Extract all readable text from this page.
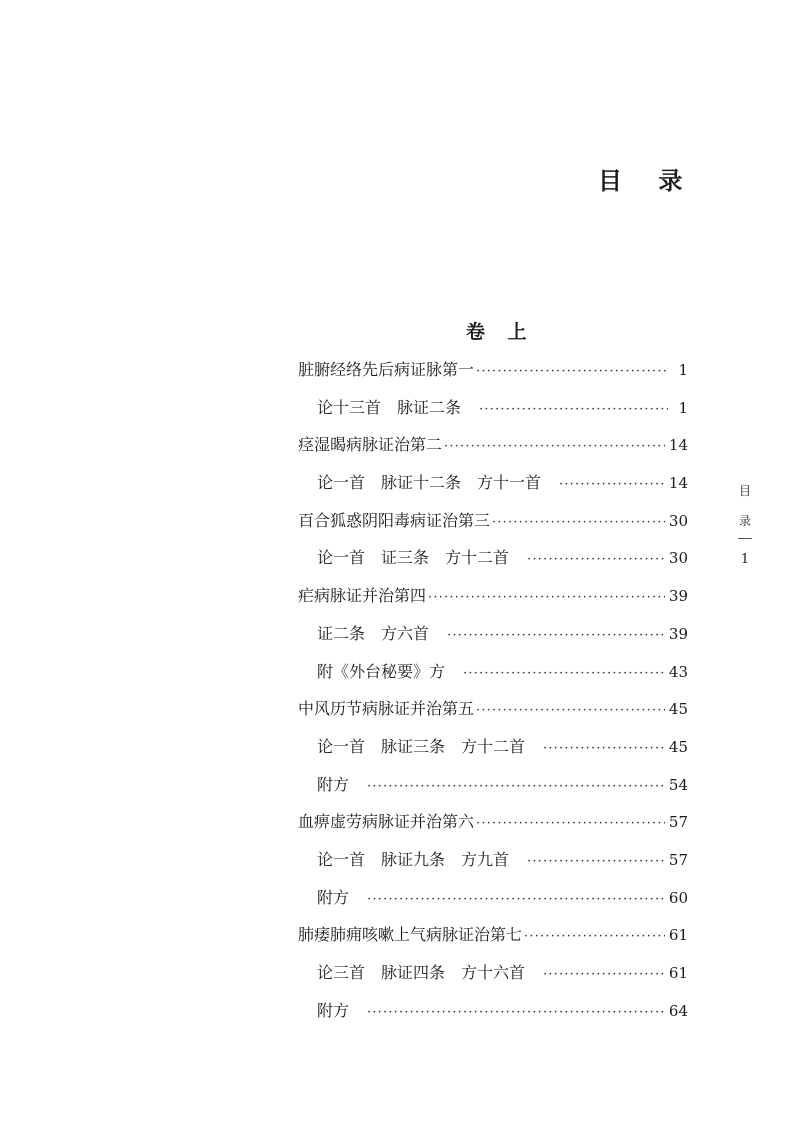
目 录
卷 上
脏腑经络先后病证脉第一 ·····	1
论十三首　脉证二条 ·····	1
痉湿暍病脉证治第二 ·····	14
论一首　脉证十二条　方十一首 ·····	14
百合狐惑阴阳毒病证治第三 ·····	30
论一首　证三条　方十二首 ·····	30
疟病脉证并治第四 ·····	39
证二条　方六首 ·····	39
附《外台秘要》方 ·····	43
中风历节病脉证并治第五 ·····	45
论一首　脉证三条　方十二首 ·····	45
附方 ·····	54
血痹虚劳病脉证并治第六 ·····	57
论一首　脉证九条　方九首 ·····	57
附方 ·····	60
肺痿肺痈咳嗽上气病脉证治第七 ·····	61
论三首　脉证四条　方十六首 ·····	61
附方 ·····	64
目
录
1
